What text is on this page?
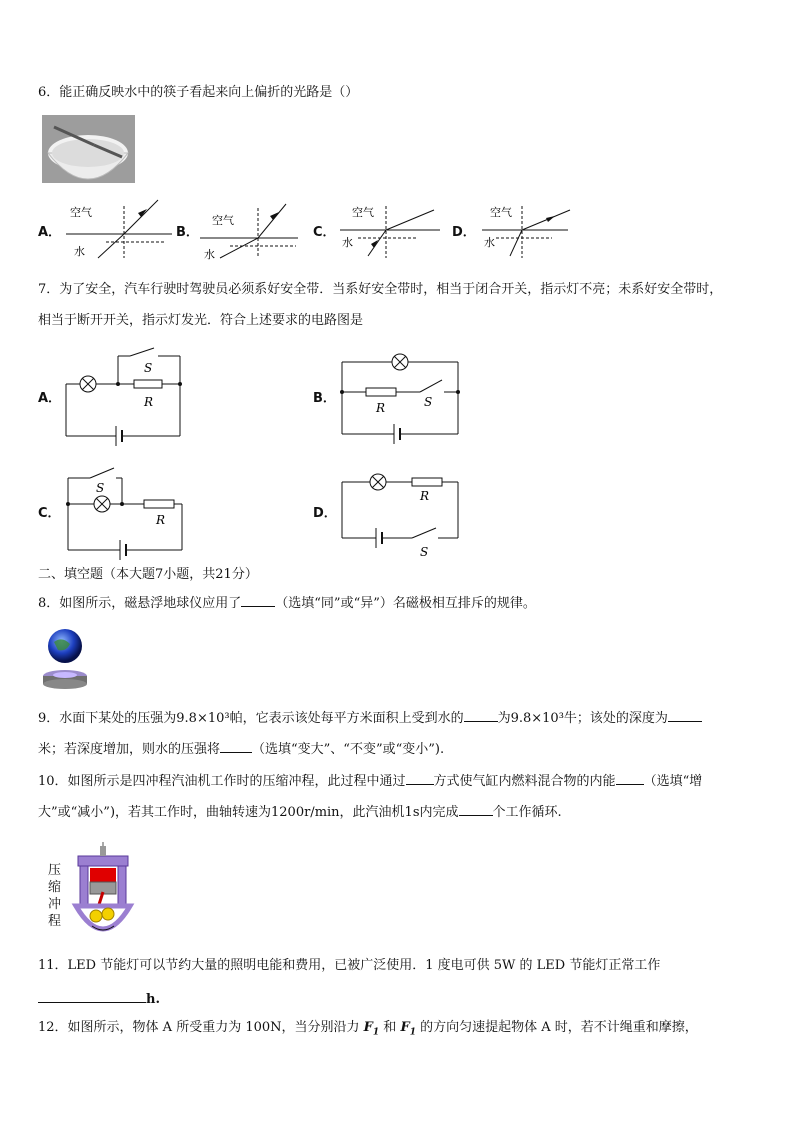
6．能正确反映水中的筷子看起来向上偏折的光路是（）
A．
空气
水
B．
空气
水
C．
空气
水
D．
空气
水
7．为了安全，汽车行驶时驾驶员必须系好安全带．当系好安全带时，相当于闭合开关，指示灯不亮；未系好安全带时，
相当于断开开关，指示灯发光．符合上述要求的电路图是
A．
S
R	B．
R	S
C．
S
R	D．
R
S
二、填空题（本大题7小题，共21分）
8．如图所示，磁悬浮地球仪应用了	（选填“同”或“异”）名磁极相互排斥的规律。
9．水面下某处的压强为9.8×10³帕，它表示该处每平方米面积上受到水的	为9.8×10³牛；该处的深度为
米；若深度增加，则水的压强将 （选填“变大”、“不变”或“变小”).
10．如图所示是四冲程汽油机工作时的压缩冲程，此过程中通过 方式使气缸内燃料混合物的内能 （选填“增
大”或“减小”)，若其工作时，曲轴转速为1200r/min，此汽油机1s内完成	个工作循环.
压
缩
冲
程
11．LED 节能灯可以节约大量的照明电能和费用，已被广泛使用．1 度电可供 5W 的 LED 节能灯正常工作
h.
12．如图所示，物体 A 所受重力为 100N，当分别沿力 $F_1$ 和 $F_1$ 的方向匀速提起物体 A 时，若不计绳重和摩擦，
